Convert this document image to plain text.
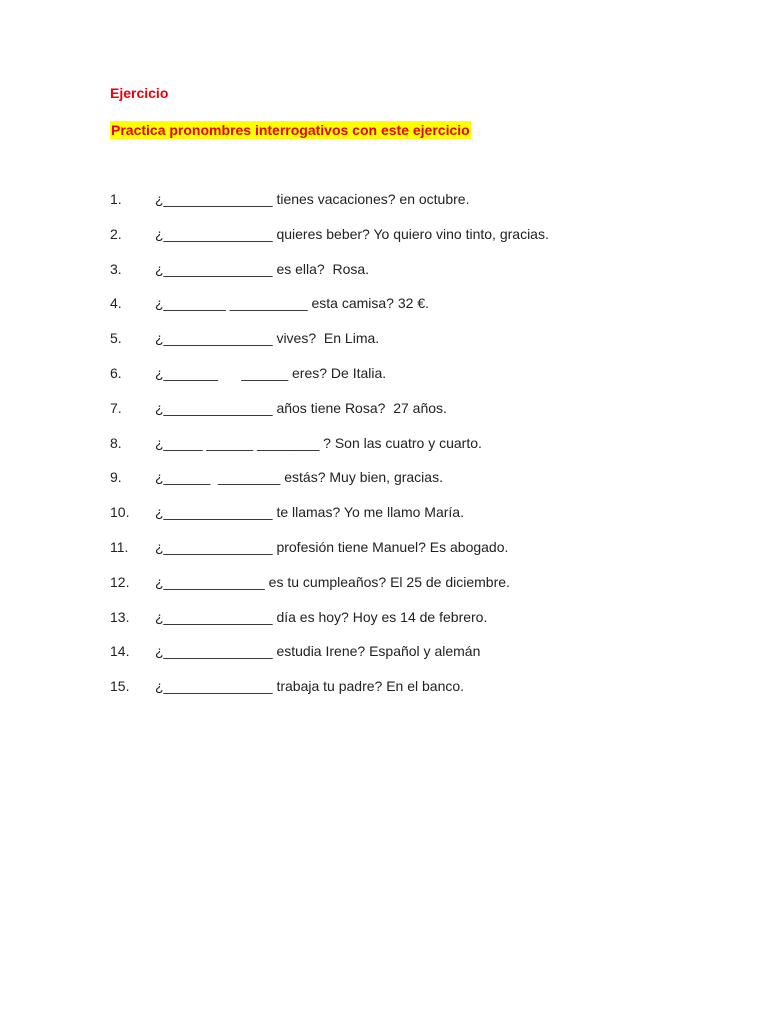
Ejercicio
Practica pronombres interrogativos con este ejercicio
1.	¿______________ tienes vacaciones? en octubre.
2.	¿______________ quieres beber? Yo quiero vino tinto, gracias.
3.	¿______________ es ella?  Rosa.
4.	¿________ __________ esta camisa? 32 €.
5.	¿______________ vives?  En Lima.
6.	¿_______      ______ eres? De Italia.
7.	¿______________ años tiene Rosa?  27 años.
8.	¿_____ ______ ________ ? Son las cuatro y cuarto.
9.	¿______  ________ estás? Muy bien, gracias.
10.	¿______________ te llamas? Yo me llamo María.
11.	¿______________ profesión tiene Manuel? Es abogado.
12.	¿_____________ es tu cumpleaños? El 25 de diciembre.
13.	¿______________ día es hoy? Hoy es 14 de febrero.
14.	¿______________ estudia Irene? Español y alemán
15.	¿______________ trabaja tu padre? En el banco.
